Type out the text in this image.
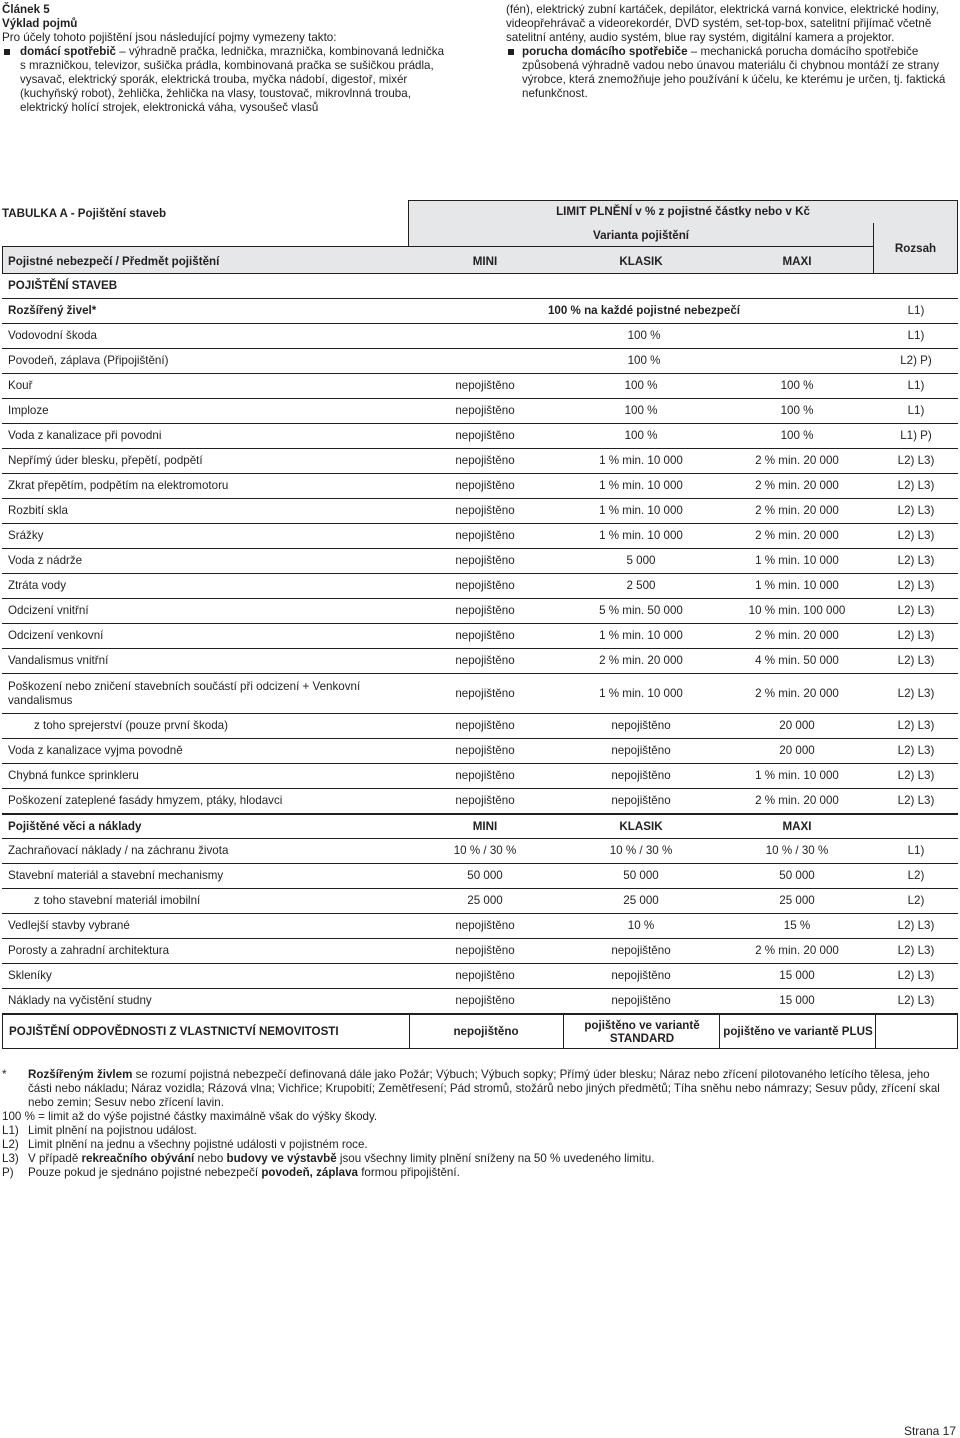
Článek 5

Výklad pojmů

Pro účely tohoto pojištění jsou následující pojmy vymezeny takto:

domácí spotřebič – výhradně pračka, lednička, mraznička, kombinovaná lednička s mrazničkou, televizor, sušička prádla, kombinovaná pračka se sušičkou prádla, vysavač, elektrický sporák, elektrická trouba, myčka nádobí, digestoř, mixér (kuchyňský robot), žehlička, žehlička na vlasy, toustovač, mikrovlnná trouba, elektrický holící strojek, elektronická váha, vysoušeč vlasů

(fén), elektrický zubní kartáček, depilátor, elektrická varná konvice, elektrické hodiny, videopřehrávač a videorekordér, DVD systém, set-top-box, satelitní přijímač včetně satelitní antény, audio systém, blue ray systém, digitální kamera a projektor.

porucha domácího spotřebiče – mechanická porucha domácího spotřebiče způsobená výhradně vadou nebo únavou materiálu či chybnou montáží ze strany výrobce, která znemožňuje jeho používání k účelu, ke kterému je určen, tj. faktická nefunkčnost.

TABULKA A - Pojištění staveb	LIMIT PLNĚNÍ v % z pojistné částky nebo v Kč
Varianta pojištění
Rozsah
Pojistné nebezpečí / Předmět pojištění	MINI	KLASIK	MAXI
POJIŠTĚNÍ STAVEB
Rozšířený živel*	100 % na každé pojistné nebezpečí	L1)
Vodovodní škoda	100 %	L1)
Povodeň, záplava (Připojištění)	100 %	L2) P)
Kouř	nepojištěno	100 %	100 %	L1)
Imploze	nepojištěno	100 %	100 %	L1)
Voda z kanalizace při povodni	nepojištěno	100 %	100 %	L1) P)
Nepřímý úder blesku, přepětí, podpětí	nepojištěno	1 % min. 10 000	2 % min. 20 000	L2) L3)
Zkrat přepětím, podpětím na elektromotoru	nepojištěno	1 % min. 10 000	2 % min. 20 000	L2) L3)
Rozbití skla	nepojištěno	1 % min. 10 000	2 % min. 20 000	L2) L3)
Srážky	nepojištěno	1 % min. 10 000	2 % min. 20 000	L2) L3)
Voda z nádrže	nepojištěno	5 000	1 % min. 10 000	L2) L3)
Ztráta vody	nepojištěno	2 500	1 % min. 10 000	L2) L3)
Odcizení vnitřní	nepojištěno	5 % min. 50 000	10 % min. 100 000	L2) L3)
Odcizení venkovní	nepojištěno	1 % min. 10 000	2 % min. 20 000	L2) L3)
Vandalismus vnitřní	nepojištěno	2 % min. 20 000	4 % min. 50 000	L2) L3)
Poškození nebo zničení stavebních součástí při odcizení + Venkovní vandalismus
nepojištěno	1 % min. 10 000	2 % min. 20 000	L2) L3)
z toho sprejerství (pouze první škoda)	nepojištěno	nepojištěno	20 000	L2) L3)
Voda z kanalizace vyjma povodně	nepojištěno	nepojištěno	20 000	L2) L3)
Chybná funkce sprinkleru	nepojištěno	nepojištěno	1 % min. 10 000	L2) L3)
Poškození zateplené fasády hmyzem, ptáky, hlodavci	nepojištěno	nepojištěno	2 % min. 20 000	L2) L3)
Pojištěné věci a náklady	MINI	KLASIK	MAXI
Zachraňovací náklady / na záchranu života	10 % / 30 %	10 % / 30 %	10 % / 30 %	L1)
Stavební materiál a stavební mechanismy	50 000	50 000	50 000	L2)
z toho stavební materiál imobilní	25 000	25 000	25 000	L2)
Vedlejší stavby vybrané	nepojištěno	10 %	15 %	L2) L3)
Porosty a zahradní architektura	nepojištěno	nepojištěno	2 % min. 20 000	L2) L3)
Skleníky	nepojištěno	nepojištěno	15 000	L2) L3)
Náklady na vyčistění studny	nepojištěno	nepojištěno	15 000	L2) L3)
POJIŠTĚNÍ ODPOVĚDNOSTI Z VLASTNICTVÍ NEMOVITOSTI	nepojištěno	pojištěno ve variantě STANDARD	pojištěno ve variantě PLUS

* Rozšířeným živlem se rozumí pojistná nebezpečí definovaná dále jako Požár; Výbuch; Výbuch sopky; Přímý úder blesku; Náraz nebo zřícení pilotovaného letícího tělesa, jeho části nebo nákladu; Náraz vozidla; Rázová vlna; Vichřice; Krupobití; Zemětřesení; Pád stromů, stožárů nebo jiných předmětů; Tíha sněhu nebo námrazy; Sesuv půdy, zřícení skal nebo zemin; Sesuv nebo zřícení lavin.

100 % = limit až do výše pojistné částky maximálně však do výšky škody.

L1) Limit plnění na pojistnou událost.

L2) Limit plnění na jednu a všechny pojistné události v pojistném roce.

L3) V případě rekreačního obývání nebo budovy ve výstavbě jsou všechny limity plnění sníženy na 50 % uvedeného limitu.

P) Pouze pokud je sjednáno pojistné nebezpečí povodeň, záplava formou připojištění.

Strana 17
